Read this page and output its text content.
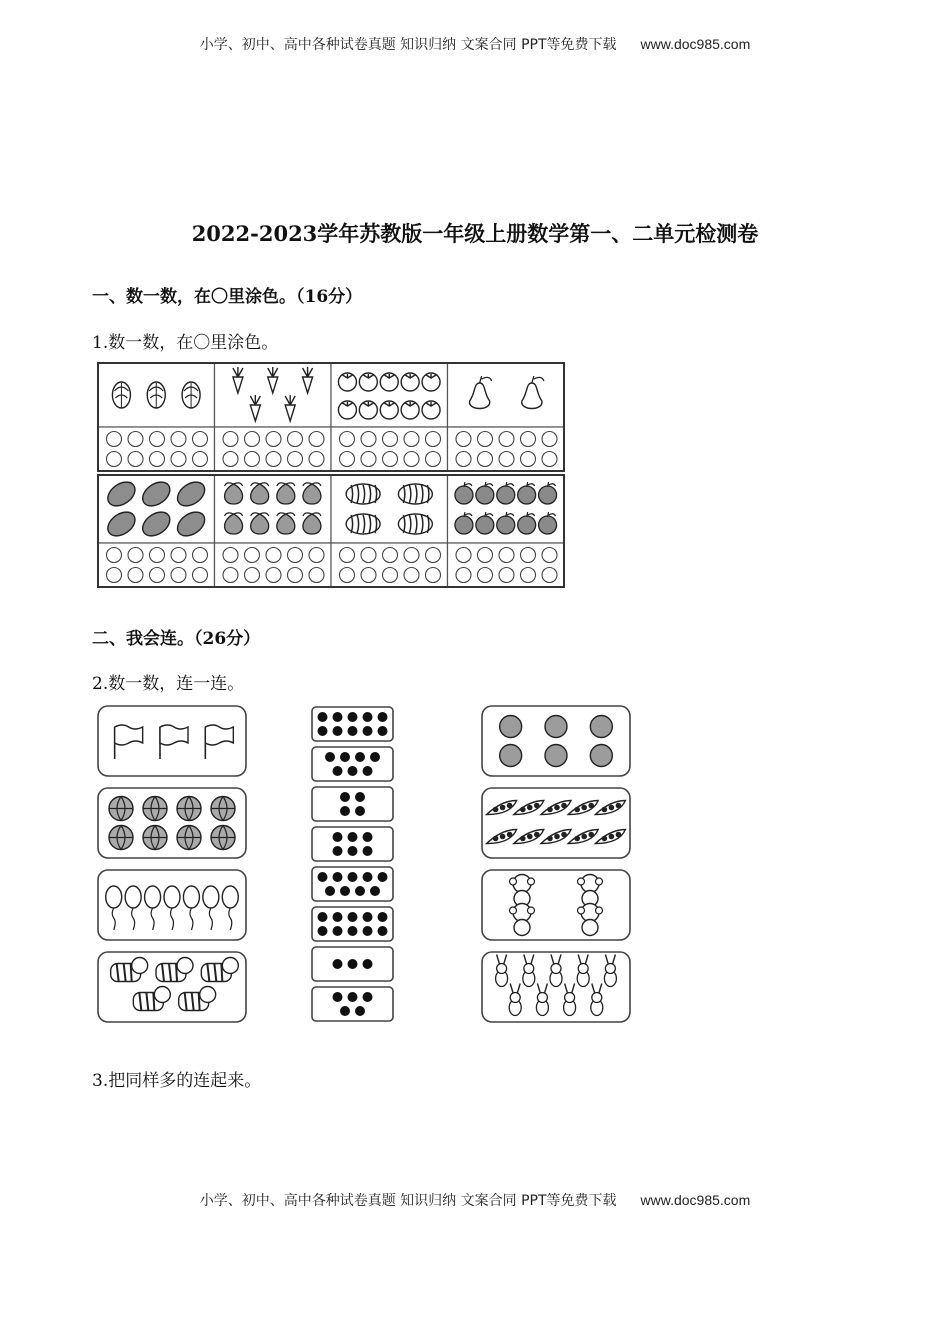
小学、初中、高中各种试卷真题 知识归纳 文案合同 PPT等免费下载 www.doc985.com
2022-2023学年苏教版一年级上册数学第一、二单元检测卷
一、数一数，在〇里涂色。（16分）
1.数一数，在〇里涂色。
二、我会连。（26分）
2.数一数，连一连。
3.把同样多的连起来。
小学、初中、高中各种试卷真题 知识归纳 文案合同 PPT等免费下载 www.doc985.com
